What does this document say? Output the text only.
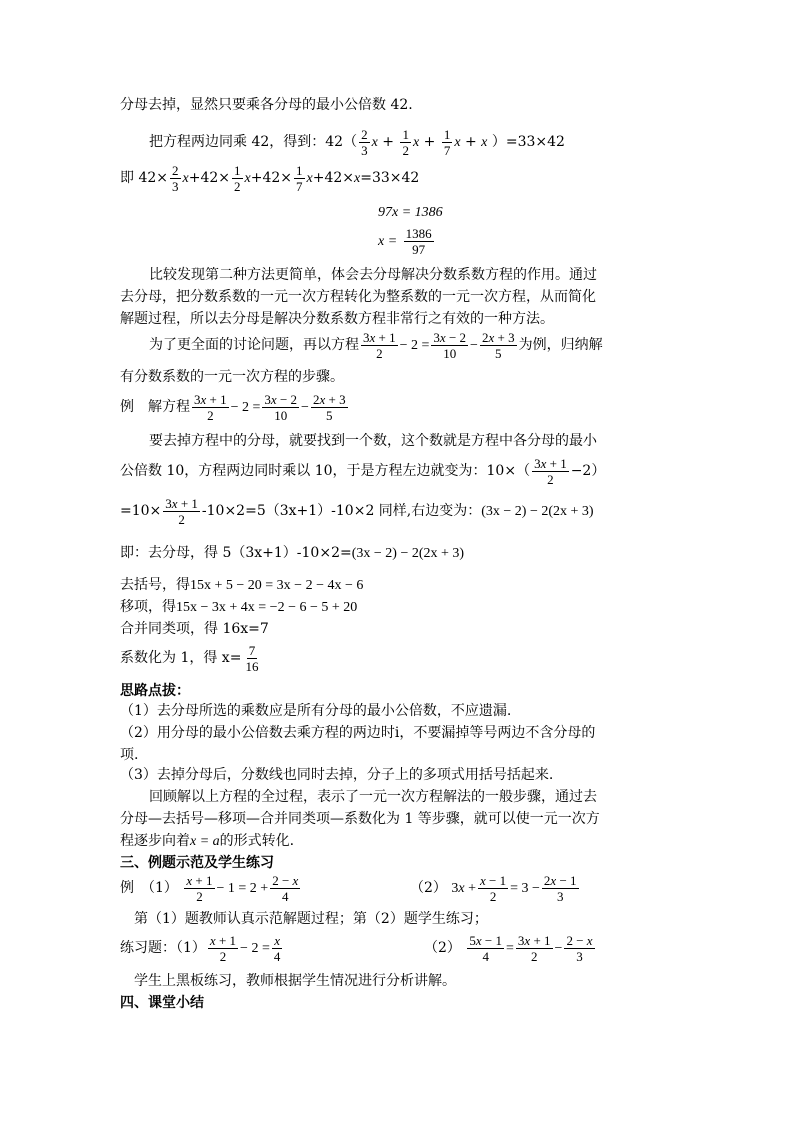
分母去掉，显然只要乘各分母的最小公倍数 42.
把方程两边同乘 42，得到：$42( \frac{2}{3}$ $x + \frac{1}{2}$ $x + \frac{1}{7}$ x + x ）=33×42
即 $42\times \frac{2}{3} x+42\times \frac{1}{2} x+42\times \frac{1}{7} x+42\times x=33\times 42$
97x = 1386
$x = \frac{1386}{97}$
比较发现第二种方法更简单，体会去分母解决分数系数方程的作用。通过
去分母，把分数系数的一元一次方程转化为整系数的一元一次方程，从而简化
解题过程，所以去分母是解决分数系数方程非常行之有效的一种方法。
为了更全面的讨论问题，再以方程 $\frac{3x + 1}{2} - 2 = \frac{3x - 2}{10} - \frac{2x + 3}{5}$ 为例，归纳解
有分数系数的一元一次方程的步骤。
例　解方程 $\frac{3x + 1}{2} - 2 = \frac{3x - 2}{10} - \frac{2x + 3}{5}$
要去掉方程中的分母，就要找到一个数，这个数就是方程中各分母的最小
公倍数 10，方程两边同时乘以 10，于是方程左边就变为：$10\times( \frac{3x + 1}{2} -2)$
$=10\times \frac{3x + 1}{2} -10\times 2=5(3x+1)-10\times 2$ 同样,右边变为：(3x − 2) − 2(2x + 3)
即：去分母，得 5（3x+1）-10×2=(3x − 2) − 2(2x + 3)
去括号，得15x + 5 − 20 = 3x − 2 − 4x − 6
移项，得15x − 3x + 4x = −2 − 6 − 5 + 20
合并同类项，得 16x=7
系数化为 1，得 $x= \frac{7}{16}$
思路点拔：
（1）去分母所选的乘数应是所有分母的最小公倍数，不应遗漏.
（2）用分母的最小公倍数去乘方程的两边时i，不要漏掉等号两边不含分母的
项.
（3）去掉分母后，分数线也同时去掉，分子上的多项式用括号括起来.
回顾解以上方程的全过程，表示了一元一次方程解法的一般步骤，通过去
分母—去括号—移项—合并同类项—系数化为 1 等步骤，就可以使一元一次方
程逐步向着x = a的形式转化.
三、例题示范及学生练习
例　$(1) \frac{x + 1}{2} - 1 = 2 + \frac{2 - x}{4}$	（2） $3x + \frac{x - 1}{2} = 3 - \frac{2x - 1}{3}$
第（1）题教师认真示范解题过程；第（2）题学生练习；
练习题：$(1) \frac{x + 1}{2} - 2 = \frac{x}{4}$	$(2) \frac{5x - 1}{4} = \frac{3x + 1}{2} - \frac{2 - x}{3}$
学生上黑板练习，教师根据学生情况进行分析讲解。
四、课堂小结
